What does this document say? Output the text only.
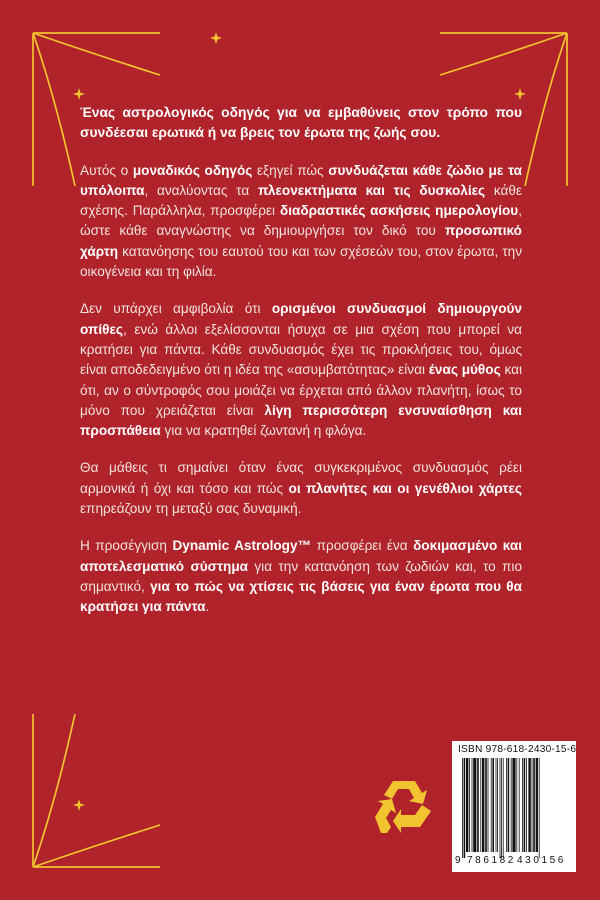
Ένας αστρολογικός οδηγός για να εμβαθύνεις στον τρόπο που συνδέεσαι ερωτικά ή να βρεις τον έρωτα της ζωής σου.

Αυτός ο μοναδικός οδηγός εξηγεί πώς συνδυάζεται κάθε ζώδιο με τα υπόλοιπα, αναλύοντας τα πλεονεκτήματα και τις δυσκολίες κάθε σχέσης. Παράλληλα, προσφέρει διαδραστικές ασκήσεις ημερολογίου, ώστε κάθε αναγνώστης να δημιουργήσει τον δικό του προσωπικό χάρτη κατανόησης του εαυτού του και των σχέσεών του, στον έρωτα, την οικογένεια και τη φιλία.

Δεν υπάρχει αμφιβολία ότι ορισμένοι συνδυασμοί δημιουργούν οπίθες, ενώ άλλοι εξελίσσονται ήσυχα σε μια σχέση που μπορεί να κρατήσει για πάντα. Κάθε συνδυασμός έχει τις προκλήσεις του, όμως είναι αποδεδειγμένο ότι η ιδέα της «ασυμβατότητας» είναι ένας μύθος και ότι, αν ο σύντροφός σου μοιάζει να έρχεται από άλλον πλανήτη, ίσως το μόνο που χρειάζεται είναι λίγη περισσότερη ενσυναίσθηση και προσπάθεια για να κρατηθεί ζωντανή η φλόγα.

Θα μάθεις τι σημαίνει όταν ένας συγκεκριμένος συνδυασμός ρέει αρμονικά ή όχι και τόσο και πώς οι πλανήτες και οι γενέθλιοι χάρτες επηρεάζουν τη μεταξύ σας δυναμική.

Η προσέγγιση Dynamic Astrology™ προσφέρει ένα δοκιμασμένο και αποτελεσματικό σύστημα για την κατανόηση των ζωδιών και, το πιο σημαντικό, για το πώς να χτίσεις τις βάσεις για έναν έρωτα που θα κρατήσει για πάντα.

ISBN 978-618-2430-15-6
9 786182 430156
